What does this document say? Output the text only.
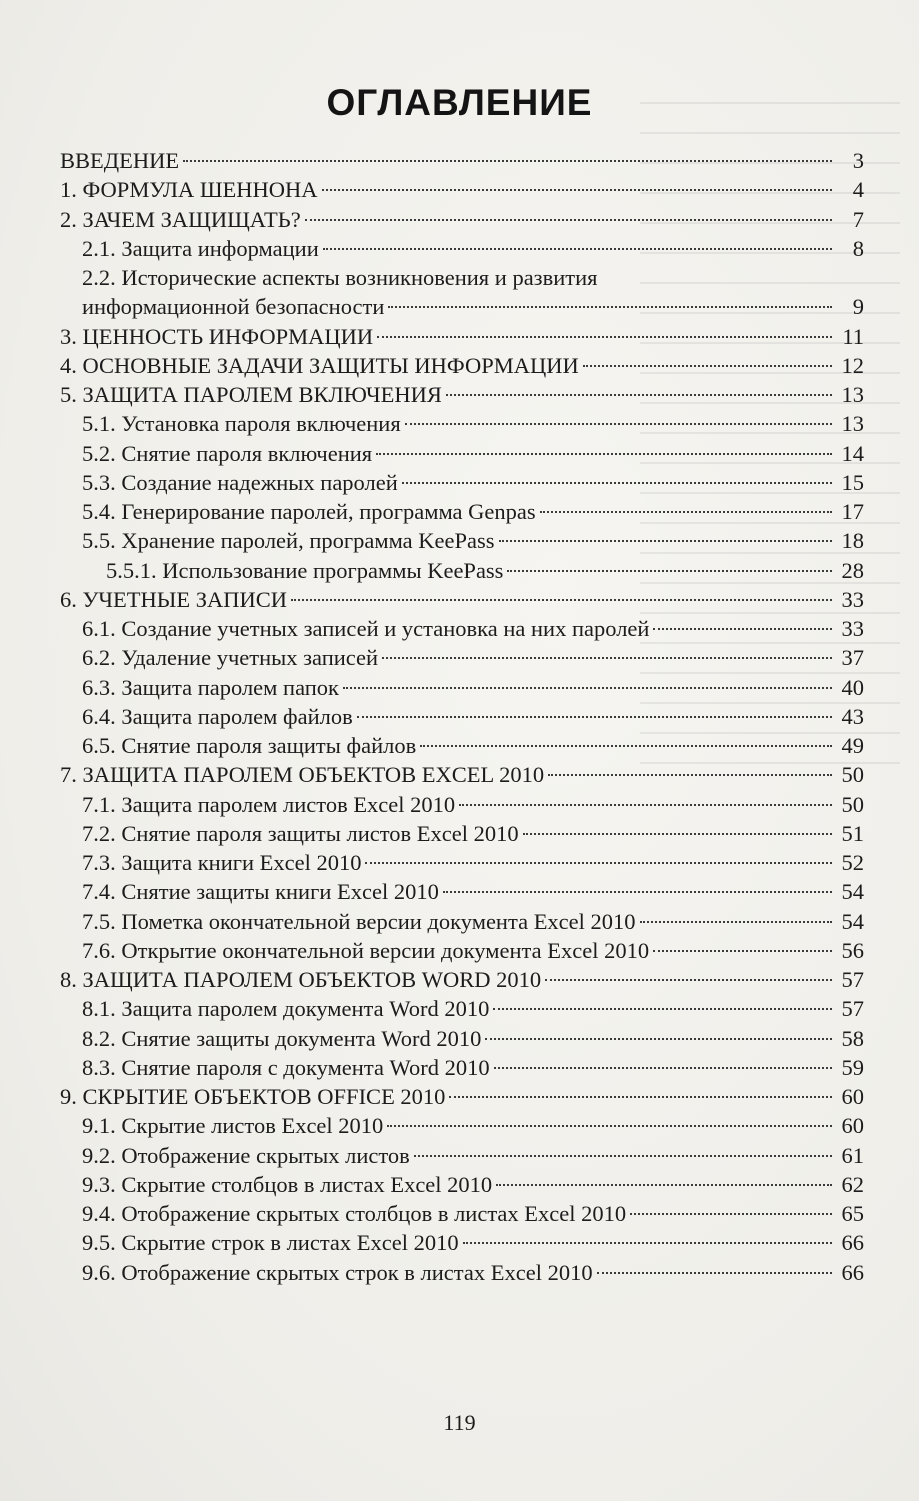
ОГЛАВЛЕНИЕ
ВВЕДЕНИЕ	3
1. ФОРМУЛА ШЕННОНА	4
2. ЗАЧЕМ ЗАЩИЩАТЬ?	7
2.1. Защита информации	8
2.2. Исторические аспекты возникновения и развития
информационной безопасности	9
3. ЦЕННОСТЬ ИНФОРМАЦИИ	11
4. ОСНОВНЫЕ ЗАДАЧИ ЗАЩИТЫ ИНФОРМАЦИИ	12
5. ЗАЩИТА ПАРОЛЕМ ВКЛЮЧЕНИЯ	13
5.1. Установка пароля включения	13
5.2. Снятие пароля включения	14
5.3. Создание надежных паролей	15
5.4. Генерирование паролей, программа Genpas	17
5.5. Хранение паролей, программа KeePass	18
5.5.1. Использование программы KeePass	28
6. УЧЕТНЫЕ ЗАПИСИ	33
6.1. Создание учетных записей и установка на них паролей	33
6.2. Удаление учетных записей	37
6.3. Защита паролем папок	40
6.4. Защита паролем файлов	43
6.5. Снятие пароля защиты файлов	49
7. ЗАЩИТА ПАРОЛЕМ ОБЪЕКТОВ EXCEL 2010	50
7.1. Защита паролем листов Excel 2010	50
7.2. Снятие пароля защиты листов Excel 2010	51
7.3. Защита книги Excel 2010	52
7.4. Снятие защиты книги Excel 2010	54
7.5. Пометка окончательной версии документа Excel 2010	54
7.6. Открытие окончательной версии документа Excel 2010	56
8. ЗАЩИТА ПАРОЛЕМ ОБЪЕКТОВ WORD 2010	57
8.1. Защита паролем документа Word 2010	57
8.2. Снятие защиты документа Word 2010	58
8.3. Снятие пароля с документа Word 2010	59
9. СКРЫТИЕ ОБЪЕКТОВ OFFICE 2010	60
9.1. Скрытие листов Excel 2010	60
9.2. Отображение скрытых листов	61
9.3. Скрытие столбцов в листах Excel 2010	62
9.4. Отображение скрытых столбцов в листах Excel 2010	65
9.5. Скрытие строк в листах Excel 2010	66
9.6. Отображение скрытых строк в листах Excel 2010	66
119
